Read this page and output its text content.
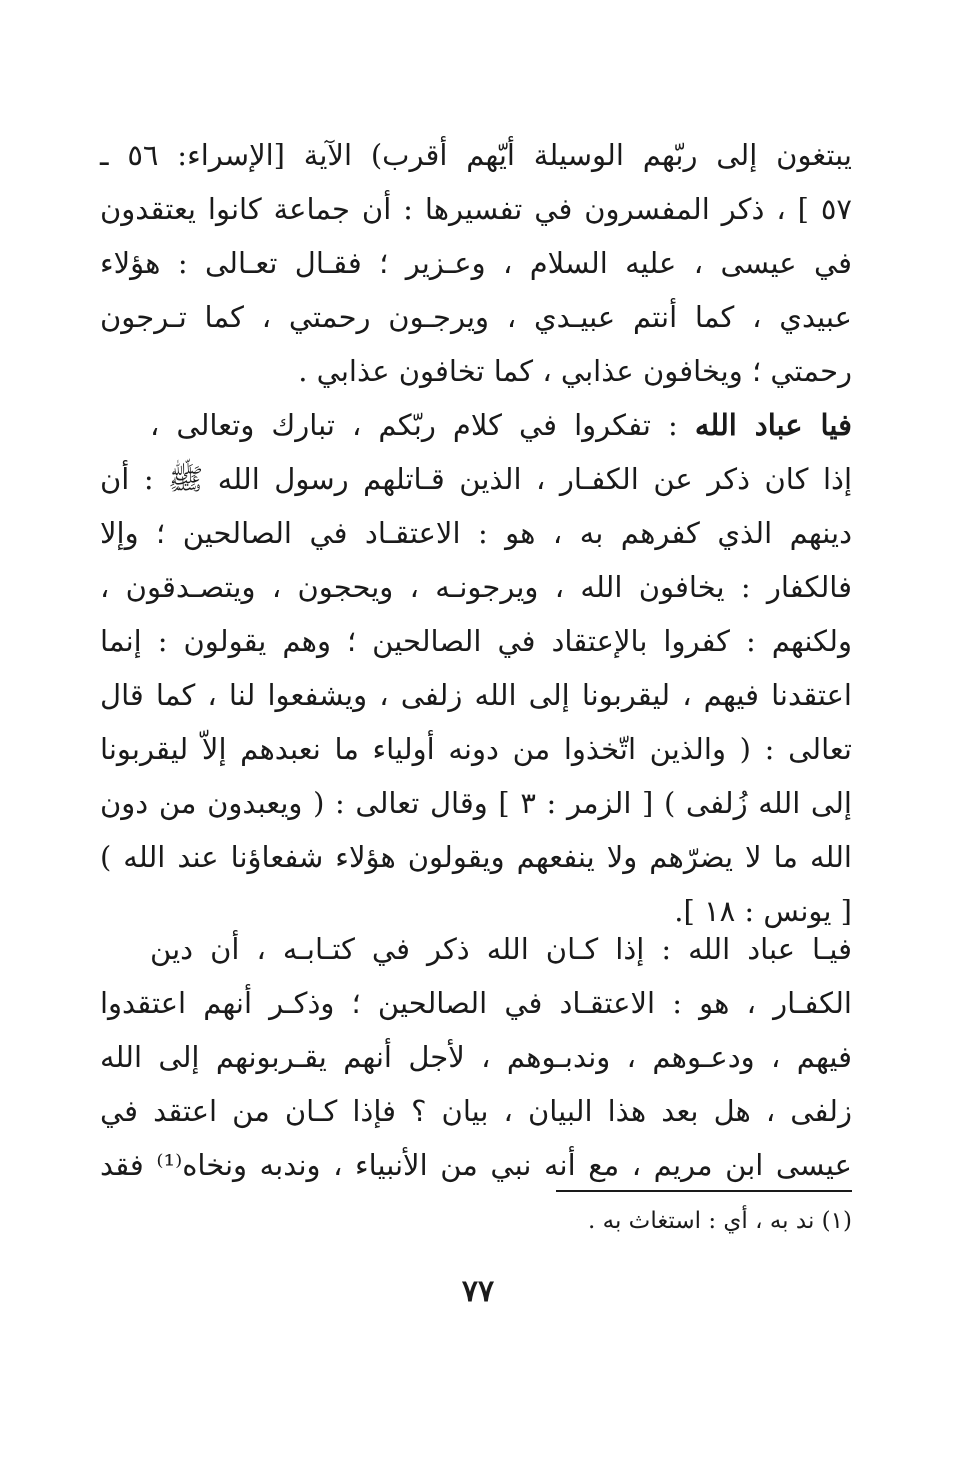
يبتغون إلى ربّهم الوسيلة أيّهم أقرب) الآية [الإسراء: ٥٦ ـ
٥٧ ] ، ذكر المفسرون في تفسيرها : أن جماعة كانوا يعتقدون
في عيسى ، عليه السلام ، وعـزير ؛ فقـال تعـالى : هؤلاء
عبيدي ، كما أنتم عبيـدي ، ويرجـون رحمتي ، كما تـرجون
رحمتي ؛ ويخافون عذابي ، كما تخافون عذابي .
فيا عباد الله : تفكروا في كلام ربّكم ، تبارك وتعالى ،
إذا كان ذكر عن الكفـار ، الذين قـاتلهم رسول الله ﷺ : أن
دينهم الذي كفرهم به ، هو : الاعتقـاد في الصالحين ؛ وإلا
فالكفار : يخافون الله ، ويرجونـه ، ويحجون ، ويتصـدقون ،
ولكنهم : كفروا بالإعتقاد في الصالحين ؛ وهم يقولون : إنما
اعتقدنا فيهم ، ليقربونا إلى الله زلفى ، ويشفعوا لنا ، كما قال
تعالى : ( والذين اتّخذوا من دونه أولياء ما نعبدهم إلاّ ليقربونا
إلى الله زُلفى ) [ الزمر : ٣ ] وقال تعالى : ( ويعبدون من دون
الله ما لا يضرّهم ولا ينفعهم ويقولون هؤلاء شفعاؤنا عند الله )
[ يونس : ١٨ ].
فيـا عباد الله : إذا كـان الله ذكر في كتـابـه ، أن دين
الكفـار ، هو : الاعتقـاد في الصالحين ؛ وذكـر أنهم اعتقدوا
فيهم ، ودعـوهم ، وندبـوهم ، لأجل أنهم يقـربونهم إلى الله
زلفى ، هل بعد هذا البيان ، بيان ؟ فإذا كـان من اعتقد في
عيسى ابن مريم ، مع أنه نبي من الأنبياء ، وندبه ونخاه⁽¹⁾ فقد
(١) ند به ، أي : استغاث به .
٧٧
